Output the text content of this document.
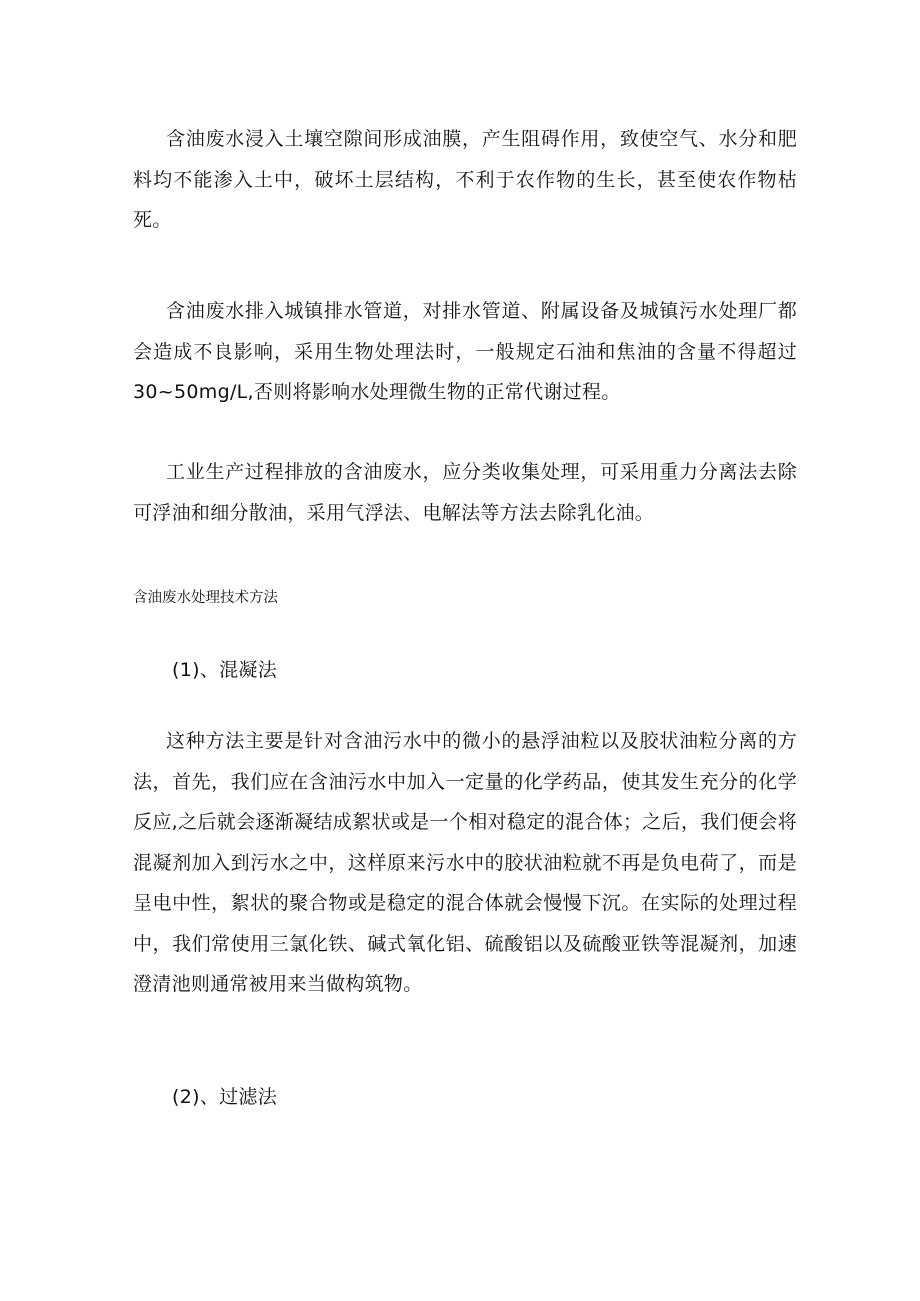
含油废水浸入土壤空隙间形成油膜，产生阻碍作用，致使空气、水分和肥料均不能渗入土中，破坏土层结构，不利于农作物的生长，甚至使农作物枯死。

含油废水排入城镇排水管道，对排水管道、附属设备及城镇污水处理厂都会造成不良影响，采用生物处理法时，一般规定石油和焦油的含量不得超过 30~50mg/L,否则将影响水处理微生物的正常代谢过程。

工业生产过程排放的含油废水，应分类收集处理，可采用重力分离法去除可浮油和细分散油，采用气浮法、电解法等方法去除乳化油。

含油废水处理技术方法

(1)、混凝法

这种方法主要是针对含油污水中的微小的悬浮油粒以及胶状油粒分离的方法，首先，我们应在含油污水中加入一定量的化学药品，使其发生充分的化学反应,之后就会逐渐凝结成絮状或是一个相对稳定的混合体；之后，我们便会将混凝剂加入到污水之中，这样原来污水中的胶状油粒就不再是负电荷了，而是呈电中性，絮状的聚合物或是稳定的混合体就会慢慢下沉。在实际的处理过程中，我们常使用三氯化铁、碱式氧化铝、硫酸铝以及硫酸亚铁等混凝剂，加速澄清池则通常被用来当做构筑物。

(2)、过滤法
